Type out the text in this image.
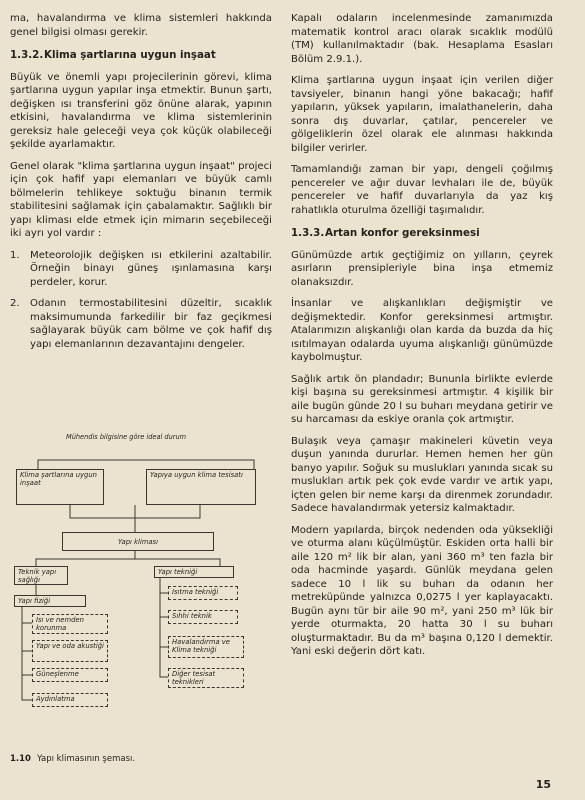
ma, havalandırma ve klima sistemleri hakkında genel bilgisi olması gerekir.

1.3.2.Klima şartlarına uygun inşaat

Büyük ve önemli yapı projecilerinin görevi, klima şartlarına uygun yapılar inşa etmektir. Bunun şartı, değişken ısı transferini göz önüne alarak, yapının etkisini, havalandırma ve klima sistemlerinin gereksiz hale geleceği veya çok küçük olabileceği şekilde ayarlamaktır.

Genel olarak "klima şartlarına uygun inşaat" projeci için çok hafif yapı elemanları ve büyük camlı bölmelerin tehlikeye soktuğu binanın termik stabilitesini sağlamak için çabalamaktır. Sağlıklı bir yapı kliması elde etmek için mimarın seçebileceği iki ayrı yol vardır :

1. Meteorolojik değişken ısı etkilerini azaltabilir. Örneğin binayı güneş ışınlamasına karşı perdeler, korur.
2. Odanın termostabilitesini düzeltir, sıcaklık maksimumunda farkedilir bir faz geçikmesi sağlayarak büyük cam bölme ve çok hafif dış yapı elemanlarının dezavantajını dengeler.
Mühendis bilgisine göre ideal durum
Klima şartlarına uygun inşaat
Yapıya uygun klima tesisatı
Yapı kliması
Teknik yapı sağlığı
Yapı tekniği
Yapı fiziği
Isıtma tekniği
Sıhhi teknik
Havalandırma ve Klima tekniği
Diğer tesisat teknikleri
Isı ve nemden korunma
Yapı ve oda akustiği
Güneşlenme
Aydınlatma
1.10 Yapı klimasının şeması.

Kapalı odaların incelenmesinde zamanımızda matematik kontrol aracı olarak sıcaklık modülü (TM) kullanılmaktadır (bak. Hesaplama Esasları Bölüm 2.9.1.).

Klima şartlarına uygun inşaat için verilen diğer tavsiyeler, binanın hangi yöne bakacağı; hafif yapıların, yüksek yapıların, imalathanelerin, daha sonra dış duvarlar, çatılar, pencereler ve gölgeliklerin özel olarak ele alınması hakkında bilgiler verirler.

Tamamlandığı zaman bir yapı, dengeli çoğılmış pencereler ve ağır duvar levhaları ile de, büyük pencereler ve hafif duvarlarıyla da yaz kış rahatlıkla oturulma özelliği taşımalıdır.

1.3.3.Artan konfor gereksinmesi

Günümüzde artık geçtiğimiz on yılların, çeyrek asırların prensipleriyle bina inşa etmemiz olanaksızdır.

İnsanlar ve alışkanlıkları değişmiştir ve değişmektedir. Konfor gereksinmesi artmıştır. Atalarımızın alışkanlığı olan karda da buzda da hiç ısıtılmayan odalarda uyuma alışkanlığı günümüzde kaybolmuştur.

Sağlık artık ön plandadır; Bununla birlikte evlerde kişi başına su gereksinmesi artmıştır. 4 kişilik bir aile bugün günde 20 l su buharı meydana getirir ve su harcaması da eskiye oranla çok artmıştır.

Bulaşık veya çamaşır makineleri küvetin veya duşun yanında dururlar. Hemen hemen her gün banyo yapılır. Soğuk su muslukları yanında sıcak su muslukları artık pek çok evde vardır ve artık yapı, içten gelen bir neme karşı da direnmek zorundadır. Sadece havalandırmak yetersiz kalmaktadır.

Modern yapılarda, birçok nedenden oda yüksekliği ve oturma alanı küçülmüştür. Eskiden orta halli bir aile 120 m² lik bir alan, yani 360 m³ ten fazla bir oda hacminde yaşardı. Günlük meydana gelen sadece 10 l lik su buharı da odanın her metreküpünde yalnızca 0,0275 l yer kaplayacaktı. Bugün aynı tür bir aile 90 m², yani 250 m³ lük bir yerde oturmakta, 20 hatta 30 l su buharı oluşturmaktadır. Bu da m³ başına 0,120 l demektir. Yani eski değerin dört katı.

15
